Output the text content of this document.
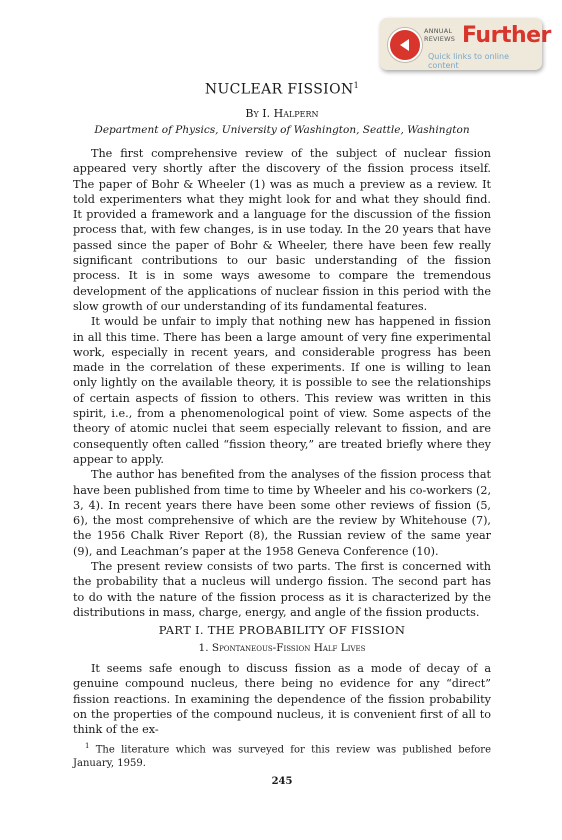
ANNUAL
REVIEWS Further
Quick links to online content
NUCLEAR FISSION$^1$
By I. Halpern
Department of Physics, University of Washington, Seattle, Washington

The first comprehensive review of the subject of nuclear fission appeared very shortly after the discovery of the fission process itself. The paper of Bohr & Wheeler (1) was as much a preview as a review. It told experimenters what they might look for and what they should find. It provided a framework and a language for the discussion of the fission process that, with few changes, is in use today. In the 20 years that have passed since the paper of Bohr & Wheeler, there have been few really significant contributions to our basic understanding of the fission process. It is in some ways awesome to compare the tremendous development of the applications of nuclear fission in this period with the slow growth of our understanding of its fundamental features.

It would be unfair to imply that nothing new has happened in fission in all this time. There has been a large amount of very fine experimental work, especially in recent years, and considerable progress has been made in the correlation of these experiments. If one is willing to lean only lightly on the available theory, it is possible to see the relationships of certain aspects of fission to others. This review was written in this spirit, i.e., from a phenomenological point of view. Some aspects of the theory of atomic nuclei that seem especially relevant to fission, and are consequently often called “fission theory,” are treated briefly where they appear to apply.

The author has benefited from the analyses of the fission process that have been published from time to time by Wheeler and his co-workers (2, 3, 4). In recent years there have been some other reviews of fission (5, 6), the most comprehensive of which are the review by Whitehouse (7), the 1956 Chalk River Report (8), the Russian review of the same year (9), and Leachman’s paper at the 1958 Geneva Conference (10).

The present review consists of two parts. The first is concerned with the probability that a nucleus will undergo fission. The second part has to do with the nature of the fission process as it is characterized by the distributions in mass, charge, energy, and angle of the fission products.

PART I. THE PROBABILITY OF FISSION
1. Spontaneous-Fission Half Lives

It seems safe enough to discuss fission as a mode of decay of a genuine compound nucleus, there being no evidence for any “direct” fission reactions. In examining the dependence of the fission probability on the properties of the compound nucleus, it is convenient first of all to think of the ex-

$^1$ The literature which was surveyed for this review was published before January, 1959.

245
